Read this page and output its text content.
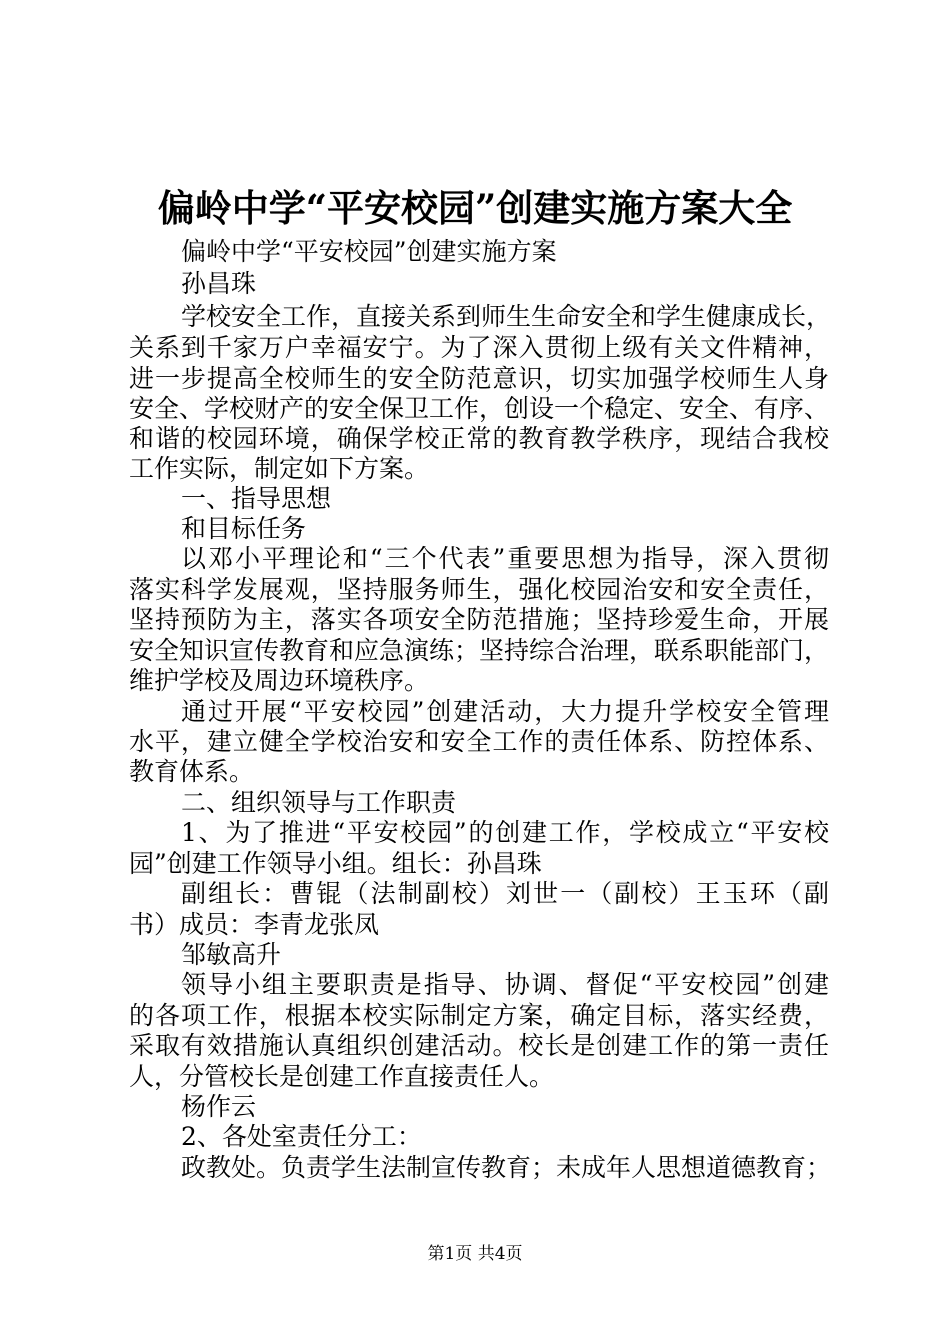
偏岭中学“平安校园”创建实施方案大全
偏岭中学“平安校园”创建实施方案
孙昌珠
学校安全工作，直接关系到师生生命安全和学生健康成长，
关系到千家万户幸福安宁。为了深入贯彻上级有关文件精神，
进一步提高全校师生的安全防范意识，切实加强学校师生人身
安全、学校财产的安全保卫工作，创设一个稳定、安全、有序、
和谐的校园环境，确保学校正常的教育教学秩序，现结合我校
工作实际，制定如下方案。
一、指导思想
和目标任务
以邓小平理论和“三个代表”重要思想为指导，深入贯彻
落实科学发展观，坚持服务师生，强化校园治安和安全责任，
坚持预防为主，落实各项安全防范措施；坚持珍爱生命，开展
安全知识宣传教育和应急演练；坚持综合治理，联系职能部门，
维护学校及周边环境秩序。
通过开展“平安校园”创建活动，大力提升学校安全管理
水平，建立健全学校治安和安全工作的责任体系、防控体系、
教育体系。
二、组织领导与工作职责
1、为了推进“平安校园”的创建工作，学校成立“平安校
园”创建工作领导小组。组长：孙昌珠
副组长：曹锟（法制副校）刘世一（副校）王玉环（副
书）成员：李青龙张凤
邹敏高升
领导小组主要职责是指导、协调、督促“平安校园”创建
的各项工作，根据本校实际制定方案，确定目标，落实经费，
采取有效措施认真组织创建活动。校长是创建工作的第一责任
人，分管校长是创建工作直接责任人。
杨作云
2、各处室责任分工：
政教处。负责学生法制宣传教育；未成年人思想道德教育；
第1页 共4页
